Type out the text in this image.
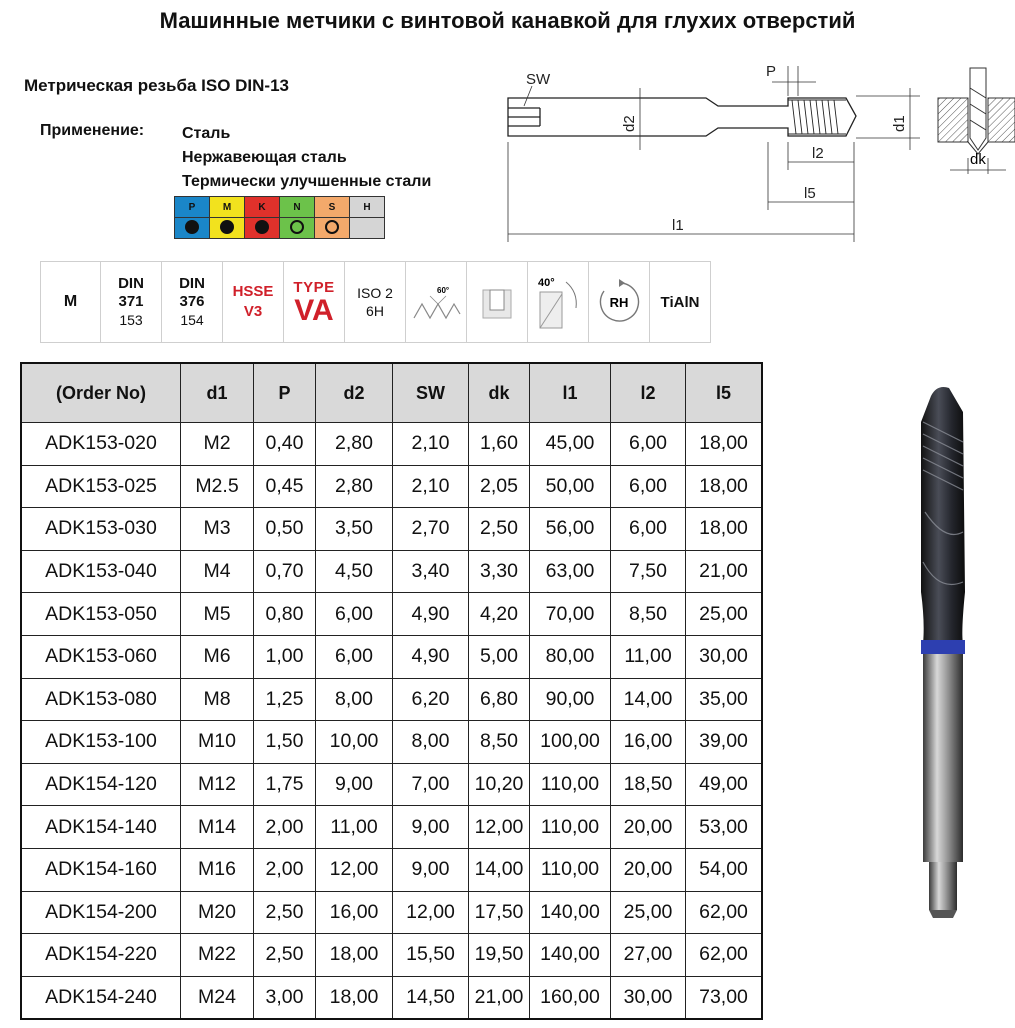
Машинные метчики с винтовой канавкой для глухих отверстий
Метрическая резьба ISO DIN-13
Применение: Сталь
Нержавеющая сталь
Термически улучшенные стали
P	M	K	N	S	H

M
DIN
371
153
DIN
376
154
HSSE
V3
TYPE
VA
ISO 2
6H
60°
40°
RH TiAlN
SW	P
d2	d1
l2
l5
l1
dk
(Order No)	d1	P	d2	SW	dk	l1	l2	l5
ADK153-020	M2	0,40	2,80	2,10	1,60	45,00	6,00	18,00
ADK153-025	M2.5	0,45	2,80	2,10	2,05	50,00	6,00	18,00
ADK153-030	M3	0,50	3,50	2,70	2,50	56,00	6,00	18,00
ADK153-040	M4	0,70	4,50	3,40	3,30	63,00	7,50	21,00
ADK153-050	M5	0,80	6,00	4,90	4,20	70,00	8,50	25,00
ADK153-060	M6	1,00	6,00	4,90	5,00	80,00	11,00	30,00
ADK153-080	M8	1,25	8,00	6,20	6,80	90,00	14,00	35,00
ADK153-100	M10	1,50	10,00	8,00	8,50	100,00	16,00	39,00
ADK154-120	M12	1,75	9,00	7,00	10,20	110,00	18,50	49,00
ADK154-140	M14	2,00	11,00	9,00	12,00	110,00	20,00	53,00
ADK154-160	M16	2,00	12,00	9,00	14,00	110,00	20,00	54,00
ADK154-200	M20	2,50	16,00	12,00	17,50	140,00	25,00	62,00
ADK154-220	M22	2,50	18,00	15,50	19,50	140,00	27,00	62,00
ADK154-240	M24	3,00	18,00	14,50	21,00	160,00	30,00	73,00
